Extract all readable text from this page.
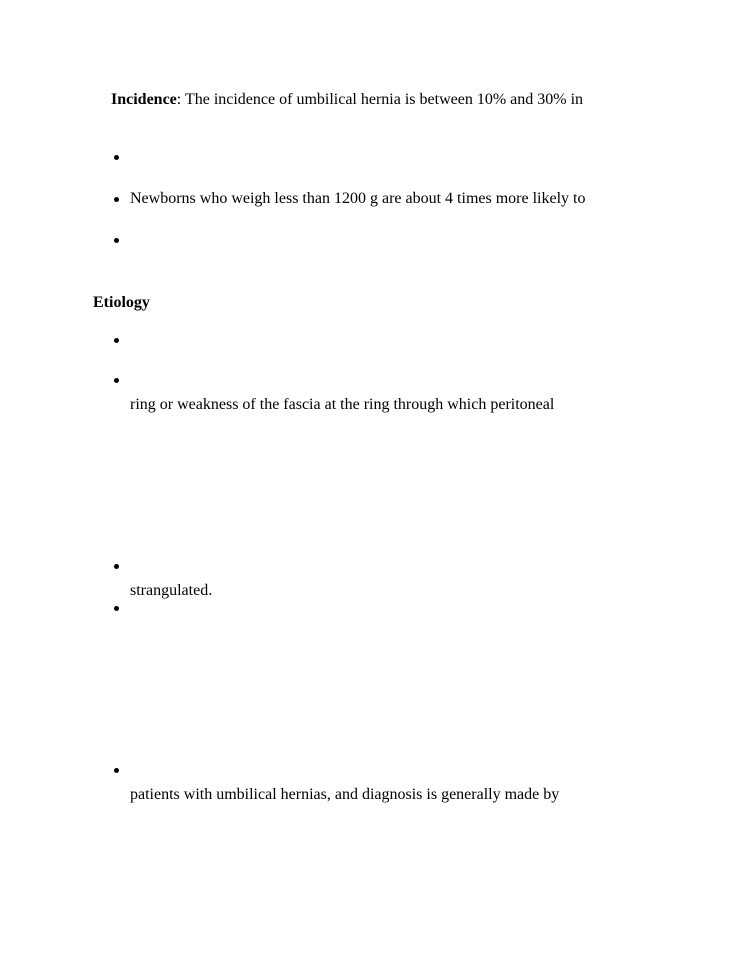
Incidence: The incidence of umbilical hernia is between 10% and 30% in
Newborns who weigh less than 1200 g are about 4 times more likely to
Etiology
ring or weakness of the fascia at the ring through which peritoneal
strangulated.
patients with umbilical hernias, and diagnosis is generally made by
